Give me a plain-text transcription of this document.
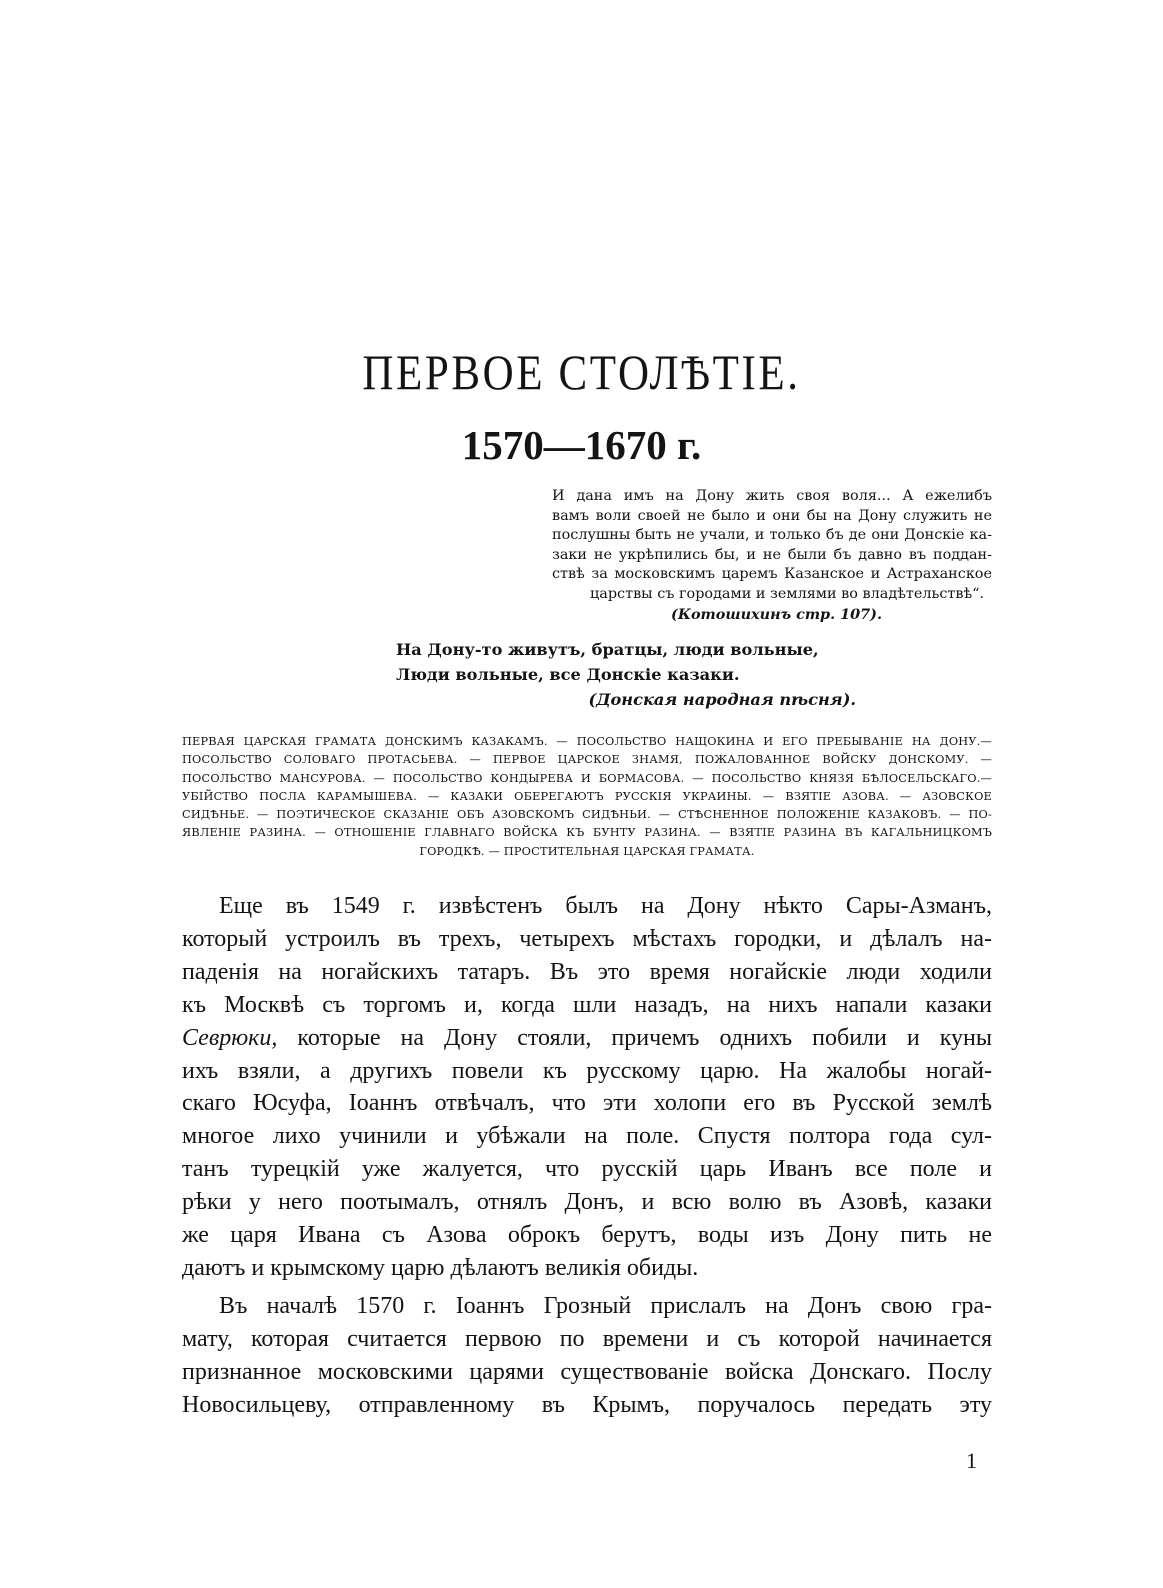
ПЕРВОЕ СТОЛѢТІЕ.
1570—1670 г.
И дана имъ на Дону жить своя воля... А ежелибъ
вамъ воли своей не было и они бы на Дону служить не
послушны быть не учали, и только бъ де они Донскіе ка-
заки не укрѣпились бы, и не были бъ давно въ поддан-
ствѣ за московскимъ царемъ Казанское и Астраханское
царствы съ городами и землями во владѣтельствѣ“.
(Котошихинъ стр. 107).
На Дону-то живутъ, братцы, люди вольные,
Люди вольные, все Донскіе казаки.
(Донская народная пѣсня).
ПЕРВАЯ ЦАРСКАЯ ГРАМАТА ДОНСКИМЪ КАЗАКАМЪ. — ПОСОЛЬСТВО НАЩОКИНА И ЕГО ПРЕБЫВАНІЕ НА ДОНУ.—
ПОСОЛЬСТВО СОЛОВАГО ПРОТАСЬЕВА. — ПЕРВОЕ ЦАРСКОЕ ЗНАМЯ, ПОЖАЛОВАННОЕ ВОЙСКУ ДОНСКОМУ. —
ПОСОЛЬСТВО МАНСУРОВА. — ПОСОЛЬСТВО КОНДЫРЕВА И БОРМАСОВА. — ПОСОЛЬСТВО КНЯЗЯ БѢЛОСЕЛЬСКАГО.—
УБІЙСТВО ПОСЛА КАРАМЫШЕВА. — КАЗАКИ ОБЕРЕГАЮТЪ РУССКІЯ УКРАИНЫ. — ВЗЯТІЕ АЗОВА. — АЗОВСКОЕ
СИДѢНЬЕ. — ПОЭТИЧЕСКОЕ СКАЗАНІЕ ОБЪ АЗОВСКОМЪ СИДѢНЬИ. — СТѢСНЕННОЕ ПОЛОЖЕНІЕ КАЗАКОВЪ. — ПО-
ЯВЛЕНІЕ РАЗИНА. — ОТНОШЕНІЕ ГЛАВНАГО ВОЙСКА КЪ БУНТУ РАЗИНА. — ВЗЯТІЕ РАЗИНА ВЪ КАГАЛЬНИЦКОМЪ
ГОРОДКѢ. — ПРОСТИТЕЛЬНАЯ ЦАРСКАЯ ГРАМАТА.
Еще въ 1549 г. извѣстенъ былъ на Дону нѣкто Сары-Азманъ,
который устроилъ въ трехъ, четырехъ мѣстахъ городки, и дѣлалъ на-
паденія на ногайскихъ татаръ. Въ это время ногайскіе люди ходили
къ Москвѣ съ торгомъ и, когда шли назадъ, на нихъ напали казаки
Севрюки, которые на Дону стояли, причемъ однихъ побили и куны
ихъ взяли, а другихъ повели къ русскому царю. На жалобы ногай-
скаго Юсуфа, Іоаннъ отвѣчалъ, что эти холопи его въ Русской землѣ
многое лихо учинили и убѣжали на поле. Спустя полтора года сул-
танъ турецкій уже жалуется, что русскій царь Иванъ все поле и
рѣки у него поотымалъ, отнялъ Донъ, и всю волю въ Азовѣ, казаки
же царя Ивана съ Азова оброкъ берутъ, воды изъ Дону пить не
даютъ и крымскому царю дѣлаютъ великія обиды.
Въ началѣ 1570 г. Іоаннъ Грозный прислалъ на Донъ свою гра-
мату, которая считается первою по времени и съ которой начинается
признанное московскими царями существованіе войска Донскаго. Послу
Новосильцеву, отправленному въ Крымъ, поручалось передать эту
1
